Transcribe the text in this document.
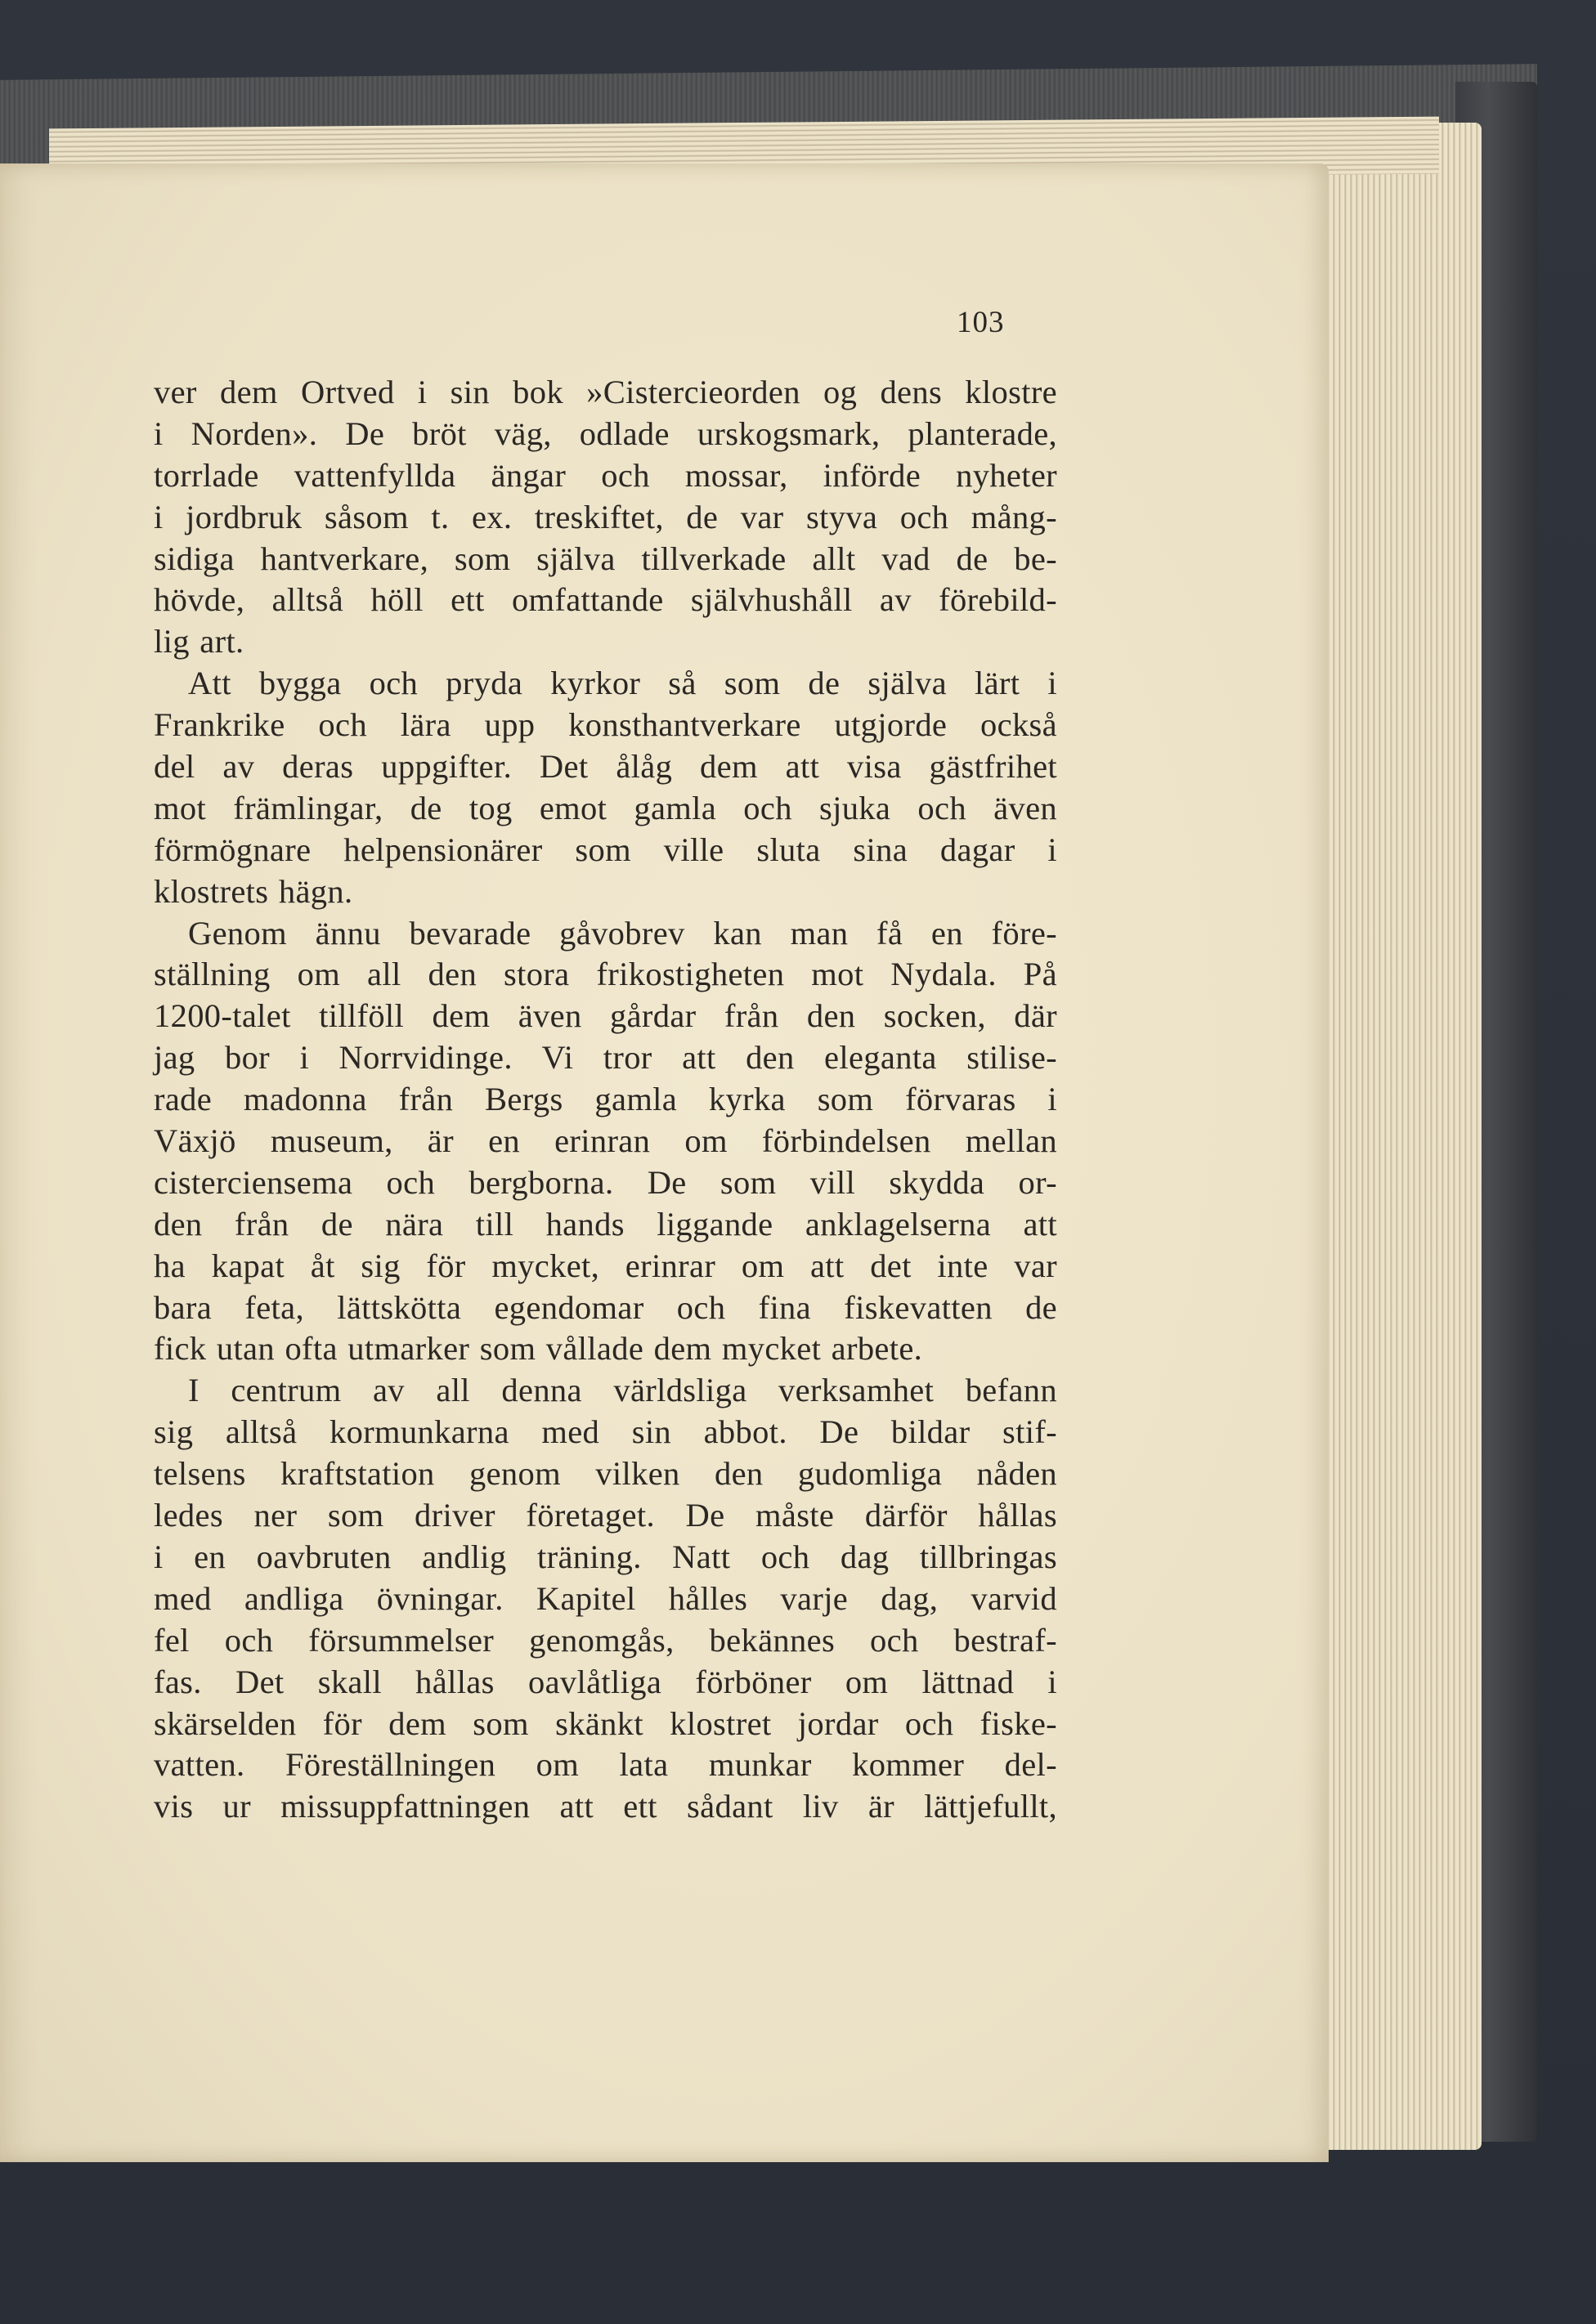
103
ver dem Ortved i sin bok »Cistercieorden og dens klostre
i Norden». De bröt väg, odlade urskogsmark, planterade,
torrlade vattenfyllda ängar och mossar, införde nyheter
i jordbruk såsom t. ex. treskiftet, de var styva och mång-
sidiga hantverkare, som själva tillverkade allt vad de be-
hövde, alltså höll ett omfattande självhushåll av förebild-
lig art.
Att bygga och pryda kyrkor så som de själva lärt i
Frankrike och lära upp konsthantverkare utgjorde också
del av deras uppgifter. Det ålåg dem att visa gästfrihet
mot främlingar, de tog emot gamla och sjuka och även
förmögnare helpensionärer som ville sluta sina dagar i
klostrets hägn.
Genom ännu bevarade gåvobrev kan man få en före-
ställning om all den stora frikostigheten mot Nydala. På
1200-talet tillföll dem även gårdar från den socken, där
jag bor i Norrvidinge. Vi tror att den eleganta stilise-
rade madonna från Bergs gamla kyrka som förvaras i
Växjö museum, är en erinran om förbindelsen mellan
cisterciensema och bergborna. De som vill skydda or-
den från de nära till hands liggande anklagelserna att
ha kapat åt sig för mycket, erinrar om att det inte var
bara feta, lättskötta egendomar och fina fiskevatten de
fick utan ofta utmarker som vållade dem mycket arbete.
I centrum av all denna världsliga verksamhet befann
sig alltså kormunkarna med sin abbot. De bildar stif-
telsens kraftstation genom vilken den gudomliga nåden
ledes ner som driver företaget. De måste därför hållas
i en oavbruten andlig träning. Natt och dag tillbringas
med andliga övningar. Kapitel hålles varje dag, varvid
fel och försummelser genomgås, bekännes och bestraf-
fas. Det skall hållas oavlåtliga förböner om lättnad i
skärselden för dem som skänkt klostret jordar och fiske-
vatten. Föreställningen om lata munkar kommer del-
vis ur missuppfattningen att ett sådant liv är lättjefullt,
